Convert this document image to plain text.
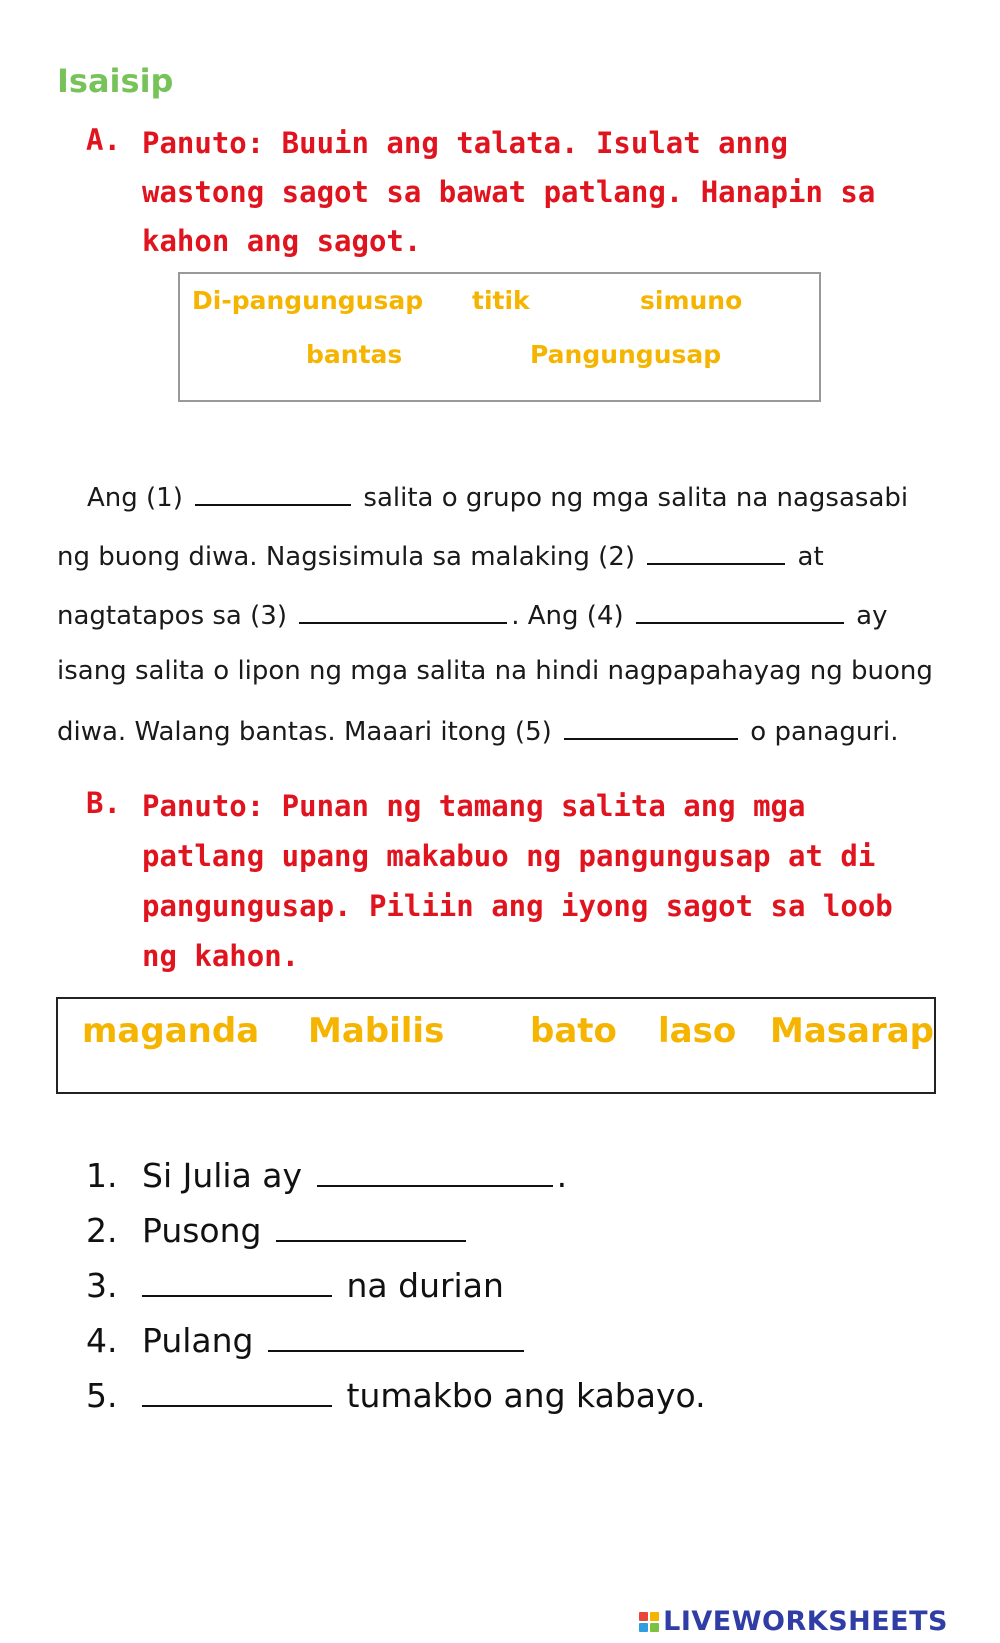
Isaisip
A. Panuto: Buuin ang talata. Isulat anng wastong sagot sa bawat patlang. Hanapin sa kahon ang sagot.
Di-pangungusap titik	simuno
bantas	Pangungusap
Ang (1)	salita o grupo ng mga salita na nagsasabi
ng buong diwa. Nagsisimula sa malaking (2)	at
nagtatapos sa (3)	. Ang (4)	ay
isang salita o lipon ng mga salita na hindi nagpapahayag ng buong
diwa. Walang bantas. Maaari itong (5)	o panaguri.
B. Panuto: Punan ng tamang salita ang mga patlang upang makabuo ng pangungusap at di pangungusap. Piliin ang iyong sagot sa loob ng kahon.
maganda Mabilis	bato laso Masarap
1. Si Julia ay	.
2. Pusong
3.	na durian
4. Pulang
5.	tumakbo ang kabayo.
LIVEWORKSHEETS
